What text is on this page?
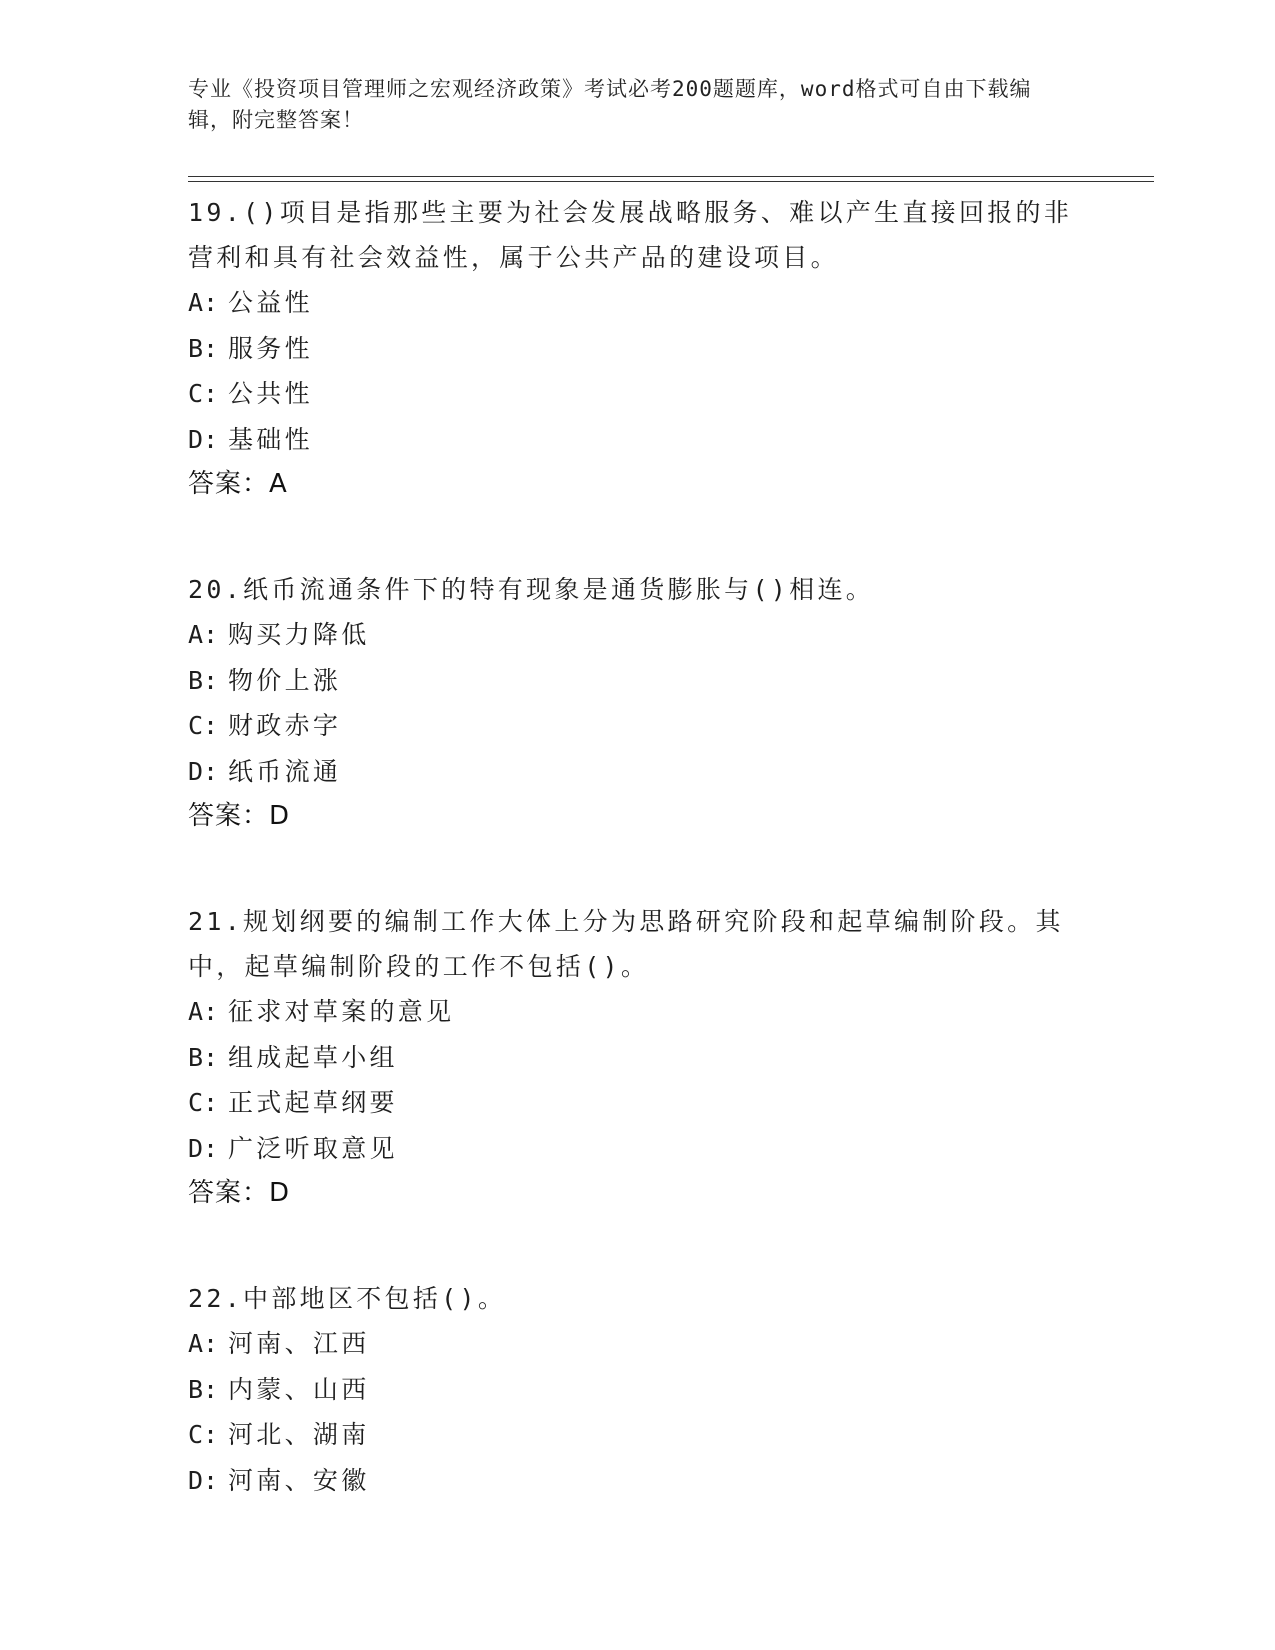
专业《投资项目管理师之宏观经济政策》考试必考200题题库，word格式可自由下载编辑，附完整答案！
19.()项目是指那些主要为社会发展战略服务、难以产生直接回报的非营利和具有社会效益性，属于公共产品的建设项目。
A: 公益性
B: 服务性
C: 公共性
D: 基础性
答案：A
20.纸币流通条件下的特有现象是通货膨胀与()相连。
A: 购买力降低
B: 物价上涨
C: 财政赤字
D: 纸币流通
答案：D
21.规划纲要的编制工作大体上分为思路研究阶段和起草编制阶段。其中，起草编制阶段的工作不包括()。
A: 征求对草案的意见
B: 组成起草小组
C: 正式起草纲要
D: 广泛听取意见
答案：D
22.中部地区不包括()。
A: 河南、江西
B: 内蒙、山西
C: 河北、湖南
D: 河南、安徽
